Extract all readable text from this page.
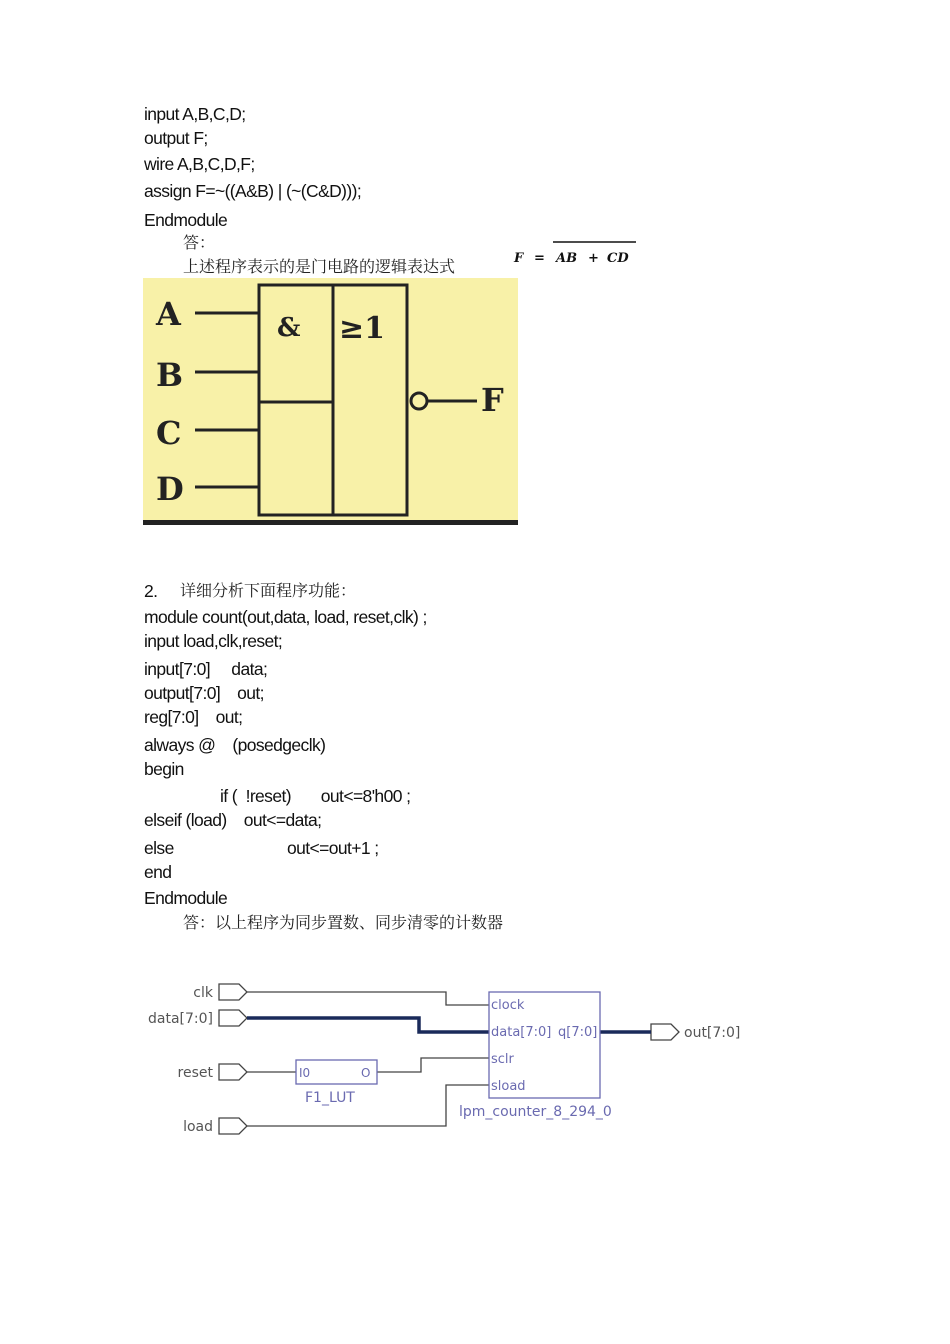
input A,B,C,D;
output F;
wire A,B,C,D,F;
assign F=~((A&B) | (~(C&D)));
Endmodule
答：
上述程序表示的是门电路的逻辑表达式	F = AB + CD
A
B
C
D
F
& ≥1
2. 详细分析下面程序功能：
module count(out,data, load, reset,clk) ;
input load,clk,reset;
input[7:0]     data;
output[7:0]    out;
reg[7:0]    out;
always @    (posedgeclk)
begin
if (  !reset)       out<=8'h00 ;
elseif (load)    out<=data;
else	out<=out+1 ;
end
Endmodule
答：以上程序为同步置数、同步清零的计数器
clk
data[7:0]
reset
load
out[7:0]
I0	O
F1_LUT
clock
data[7:0]
sclr
sload
q[7:0]
lpm_counter_8_294_0
